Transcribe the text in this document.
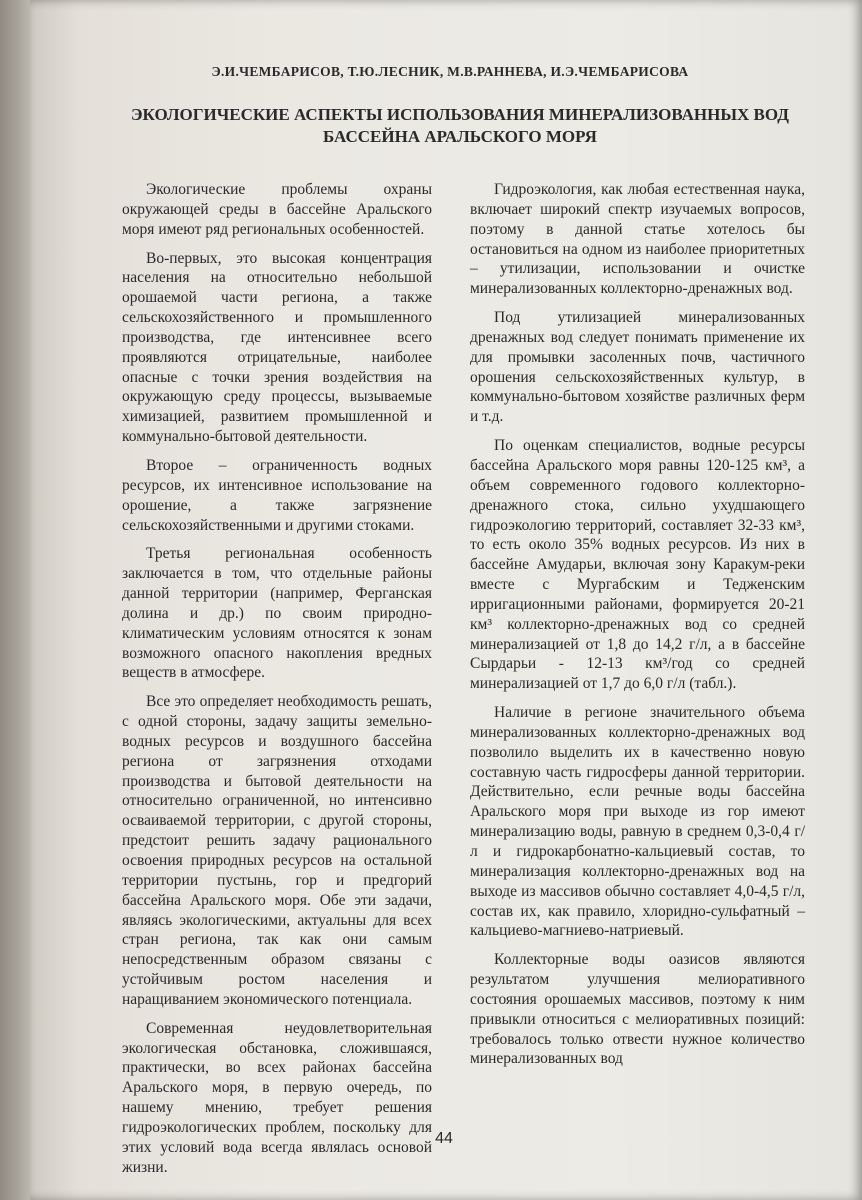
Э.И.ЧЕМБАРИСОВ, Т.Ю.ЛЕСНИК, М.В.РАННЕВА, И.Э.ЧЕМБАРИСОВА
ЭКОЛОГИЧЕСКИЕ АСПЕКТЫ ИСПОЛЬЗОВАНИЯ МИНЕРАЛИЗОВАННЫХ ВОД
БАССЕЙНА АРАЛЬСКОГО МОРЯ

Экологические проблемы охраны окружающей среды в бассейне Аральского моря имеют ряд региональных особенностей.

Во-первых, это высокая концентрация населения на относительно небольшой орошаемой части региона, а также сельскохозяйственного и промышленного производства, где интенсивнее всего проявляются отрицательные, наиболее опасные с точки зрения воздействия на окружающую среду процессы, вызываемые химизацией, развитием промышленной и коммунально-бытовой деятельности.

Второе – ограниченность водных ресурсов, их интенсивное использование на орошение, а также загрязнение сельскохозяйственными и другими стоками.

Третья региональная особенность заключается в том, что отдельные районы данной территории (например, Ферганская долина и др.) по своим природно-климатическим условиям относятся к зонам возможного опасного накопления вредных веществ в атмосфере.

Все это определяет необходимость решать, с одной стороны, задачу защиты земельно-водных ресурсов и воздушного бассейна региона от загрязнения отходами производства и бытовой деятельности на относительно ограниченной, но интенсивно осваиваемой территории, с другой стороны, предстоит решить задачу рационального освоения природных ресурсов на остальной территории пустынь, гор и предгорий бассейна Аральского моря. Обе эти задачи, являясь экологическими, актуальны для всех стран региона, так как они самым непосредственным образом связаны с устойчивым ростом населения и наращиванием экономического потенциала.

Современная неудовлетворительная экологическая обстановка, сложившаяся, практически, во всех районах бассейна Аральского моря, в первую очередь, по нашему мнению, требует решения гидроэкологических проблем, поскольку для этих условий вода всегда являлась основой жизни.

Гидроэкология, как любая естественная наука, включает широкий спектр изучаемых вопросов, поэтому в данной статье хотелось бы остановиться на одном из наиболее приоритетных – утилизации, использовании и очистке минерализованных коллекторно-дренажных вод.

Под утилизацией минерализованных дренажных вод следует понимать применение их для промывки засоленных почв, частичного орошения сельскохозяйственных культур, в коммунально-бытовом хозяйстве различных ферм и т.д.

По оценкам специалистов, водные ресурсы бассейна Аральского моря равны 120-125 км³, а объем современного годового коллекторно-дренажного стока, сильно ухудшающего гидроэкологию территорий, составляет 32-33 км³, то есть около 35% водных ресурсов. Из них в бассейне Амударьи, включая зону Каракум-реки вместе с Мургабским и Теджeнским ирригационными районами, формируется 20-21 км³ коллекторно-дренажных вод со средней минерализацией от 1,8 до 14,2 г/л, а в бассейне Сырдарьи - 12-13 км³/год со средней минерализацией от 1,7 до 6,0 г/л (табл.).

Наличие в регионе значительного объема минерализованных коллекторно-дренажных вод позволило выделить их в качественно новую составную часть гидросферы данной территории. Действительно, если речные воды бассейна Аральского моря при выходе из гор имеют минерализацию воды, равную в среднем 0,3-0,4 г/л и гидрокарбонатно-кальциевый состав, то минерализация коллекторно-дренажных вод на выходе из массивов обычно составляет 4,0-4,5 г/л, состав их, как правило, хлоридно-сульфатный – кальциево-магниево-натриевый.

Коллекторные воды оазисов являются результатом улучшения мелиоративного состояния орошаемых массивов, поэтому к ним привыкли относиться с мелиоративных позиций: требовалось только отвести нужное количество минерализованных вод

44
